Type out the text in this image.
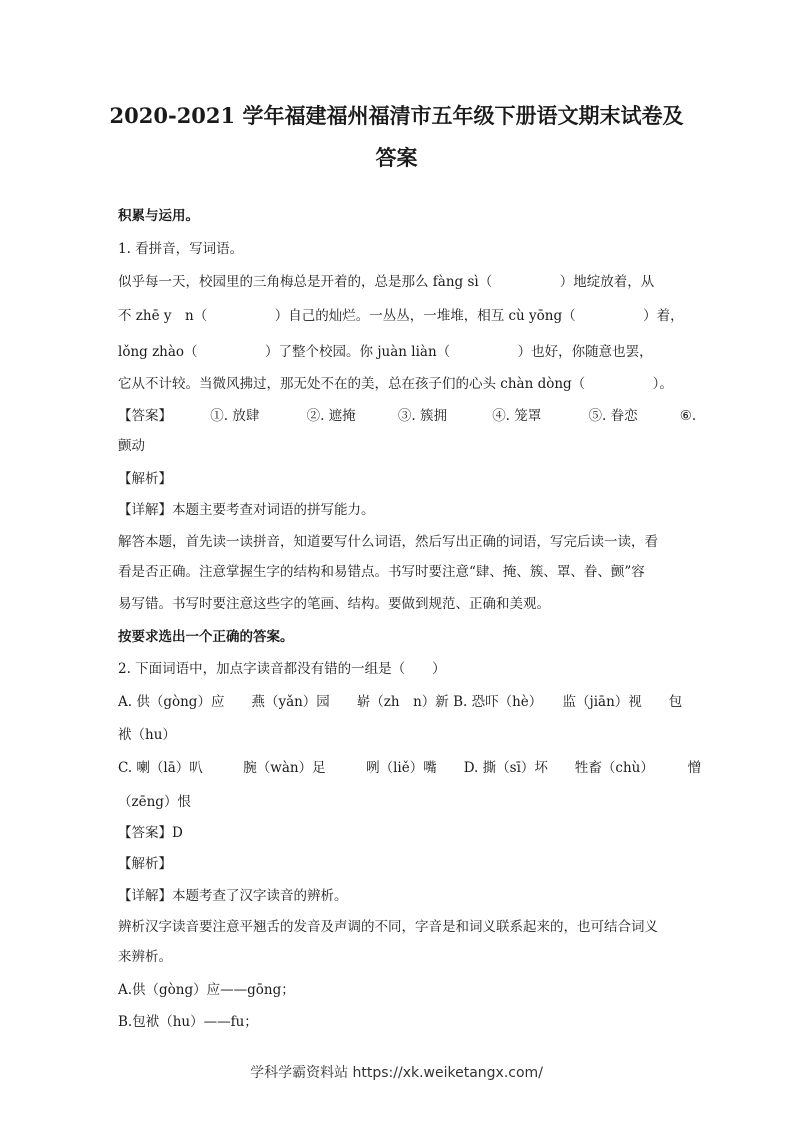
2020-2021 学年福建福州福清市五年级下册语文期末试卷及
答案
积累与运用。
1. 看拼音，写词语。
似乎每一天，校园里的三角梅总是开着的，总是那么 fàng sì（　　　　　）地绽放着，从
不 zhē y　n（　　　　　）自己的灿烂。一丛丛，一堆堆，相互 cù yōng（　　　　　）着，
lǒng zhào（　　　　　）了整个校园。你 juàn liàn（　　　　　）也好，你随意也罢，
它从不计较。当微风拂过，那无处不在的美，总在孩子们的心头 chàn dòng（　　　　　）。
【答案】	①. 放肆	②. 遮掩	③. 簇拥	④. 笼罩	⑤. 眷恋	⑥.
颤动
【解析】
【详解】本题主要考查对词语的拼写能力。
解答本题，首先读一读拼音，知道要写什么词语，然后写出正确的词语，写完后读一读，看
看是否正确。注意掌握生字的结构和易错点。书写时要注意“肆、掩、簇、罩、眷、颤”容
易写错。书写时要注意这些字的笔画、结构。要做到规范、正确和美观。
按要求选出一个正确的答案。
2. 下面词语中，加点字读音都没有错的一组是（　　）
A. 供（gòng）应　　燕（yǎn）园　　崭（zh　n）新 B. 恐吓（hè）　　监（jiān）视　　包
袱（hu）
C. 喇（lā）叭　　　腕（wàn）足　　　咧（liě）嘴　　D. 撕（sī）坏　　牲畜（chù）　　　憎
（zēng）恨
【答案】D
【解析】
【详解】本题考查了汉字读音的辨析。
辨析汉字读音要注意平翘舌的发音及声调的不同，字音是和词义联系起来的，也可结合词义
来辨析。
A.供（gòng）应——gōng；
B.包袱（hu）——fu；
学科学霸资料站 https://xk.weiketangx.com/
